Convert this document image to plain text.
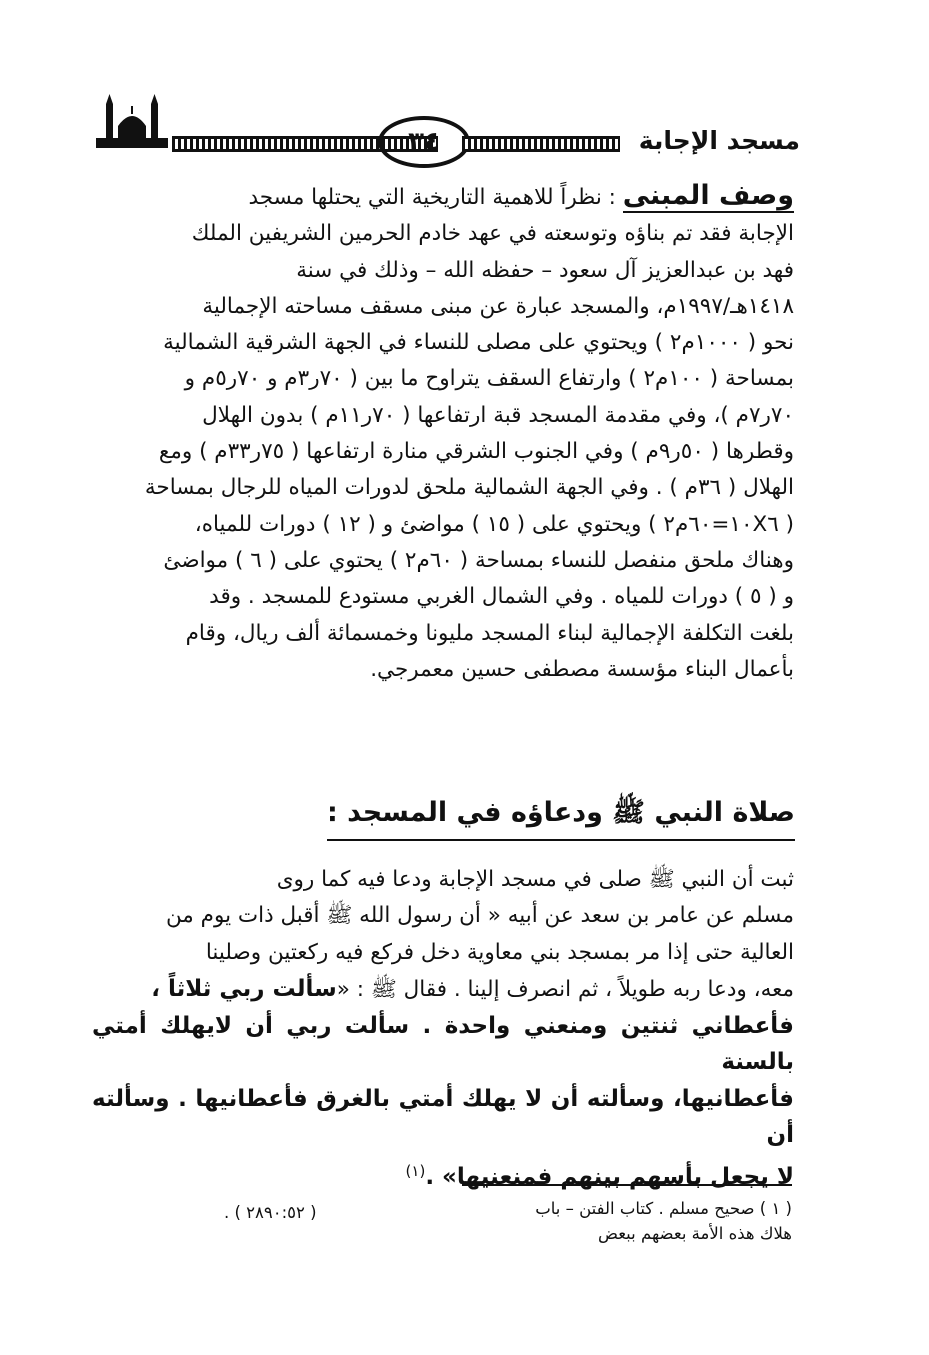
٣٤	مسجد الإجابة

وصف المبنى : نظراً للاهمية التاريخية التي يحتلها مسجد

الإجابة فقد تم بناؤه وتوسعته في عهد خادم الحرمين الشريفين الملك

فهد بن عبدالعزيز آل سعود – حفظه الله – وذلك في سنة

١٤١٨هـ/١٩٩٧م، والمسجد عبارة عن مبنى مسقف مساحته الإجمالية

نحو ( ١٠٠٠م٢ ) ويحتوي على مصلى للنساء في الجهة الشرقية الشمالية

بمساحة ( ١٠٠م٢ ) وارتفاع السقف يتراوح ما بين ( ٧٠ر٣م و ٧٠ر٥م و

٧٠ر٧م )، وفي مقدمة المسجد قبة ارتفاعها ( ٧٠ر١١م ) بدون الهلال

وقطرها ( ٥٠ر٩م ) وفي الجنوب الشرقي منارة ارتفاعها ( ٧٥ر٣٣م ) ومع

الهلال ( ٣٦م ) . وفي الجهة الشمالية ملحق لدورات المياه للرجال بمساحة

( ١٠X٦=٦٠م٢ ) ويحتوي على ( ١٥ ) مواضئ و ( ١٢ ) دورات للمياه،

وهناك ملحق منفصل للنساء بمساحة ( ٦٠م٢ ) يحتوي على ( ٦ ) مواضئ

و ( ٥ ) دورات للمياه . وفي الشمال الغربي مستودع للمسجد . وقد

بلغت التكلفة الإجمالية لبناء المسجد مليونا وخمسمائة ألف ريال، وقام

بأعمال البناء مؤسسة مصطفى حسين معمرجي.

صلاة النبي ﷺ ودعاؤه في المسجد :

ثبت أن النبي ﷺ صلى في مسجد الإجابة ودعا فيه كما روى

مسلم عن عامر بن سعد عن أبيه « أن رسول الله ﷺ أقبل ذات يوم من

العالية حتى إذا مر بمسجد بني معاوية دخل فركع فيه ركعتين وصلينا

معه، ودعا ربه طويلاً ، ثم انصرف إلينا . فقال ﷺ : «سألت ربي ثلاثاً ،

فأعطاني ثنتين ومنعني واحدة . سألت ربي أن لايهلك أمتي بالسنة

فأعطانيها، وسألته أن لا يهلك أمتي بالغرق فأعطانيها . وسألته أن

لا يجعل بأسهم بينهم فمنعنيها» .$^{(١)}$

( ١ ) صحيح مسلم . كتاب الفتن – باب
هلاك هذه الأمة بعضهم ببعض
( ٢٨٩٠:٥٢ ) .
